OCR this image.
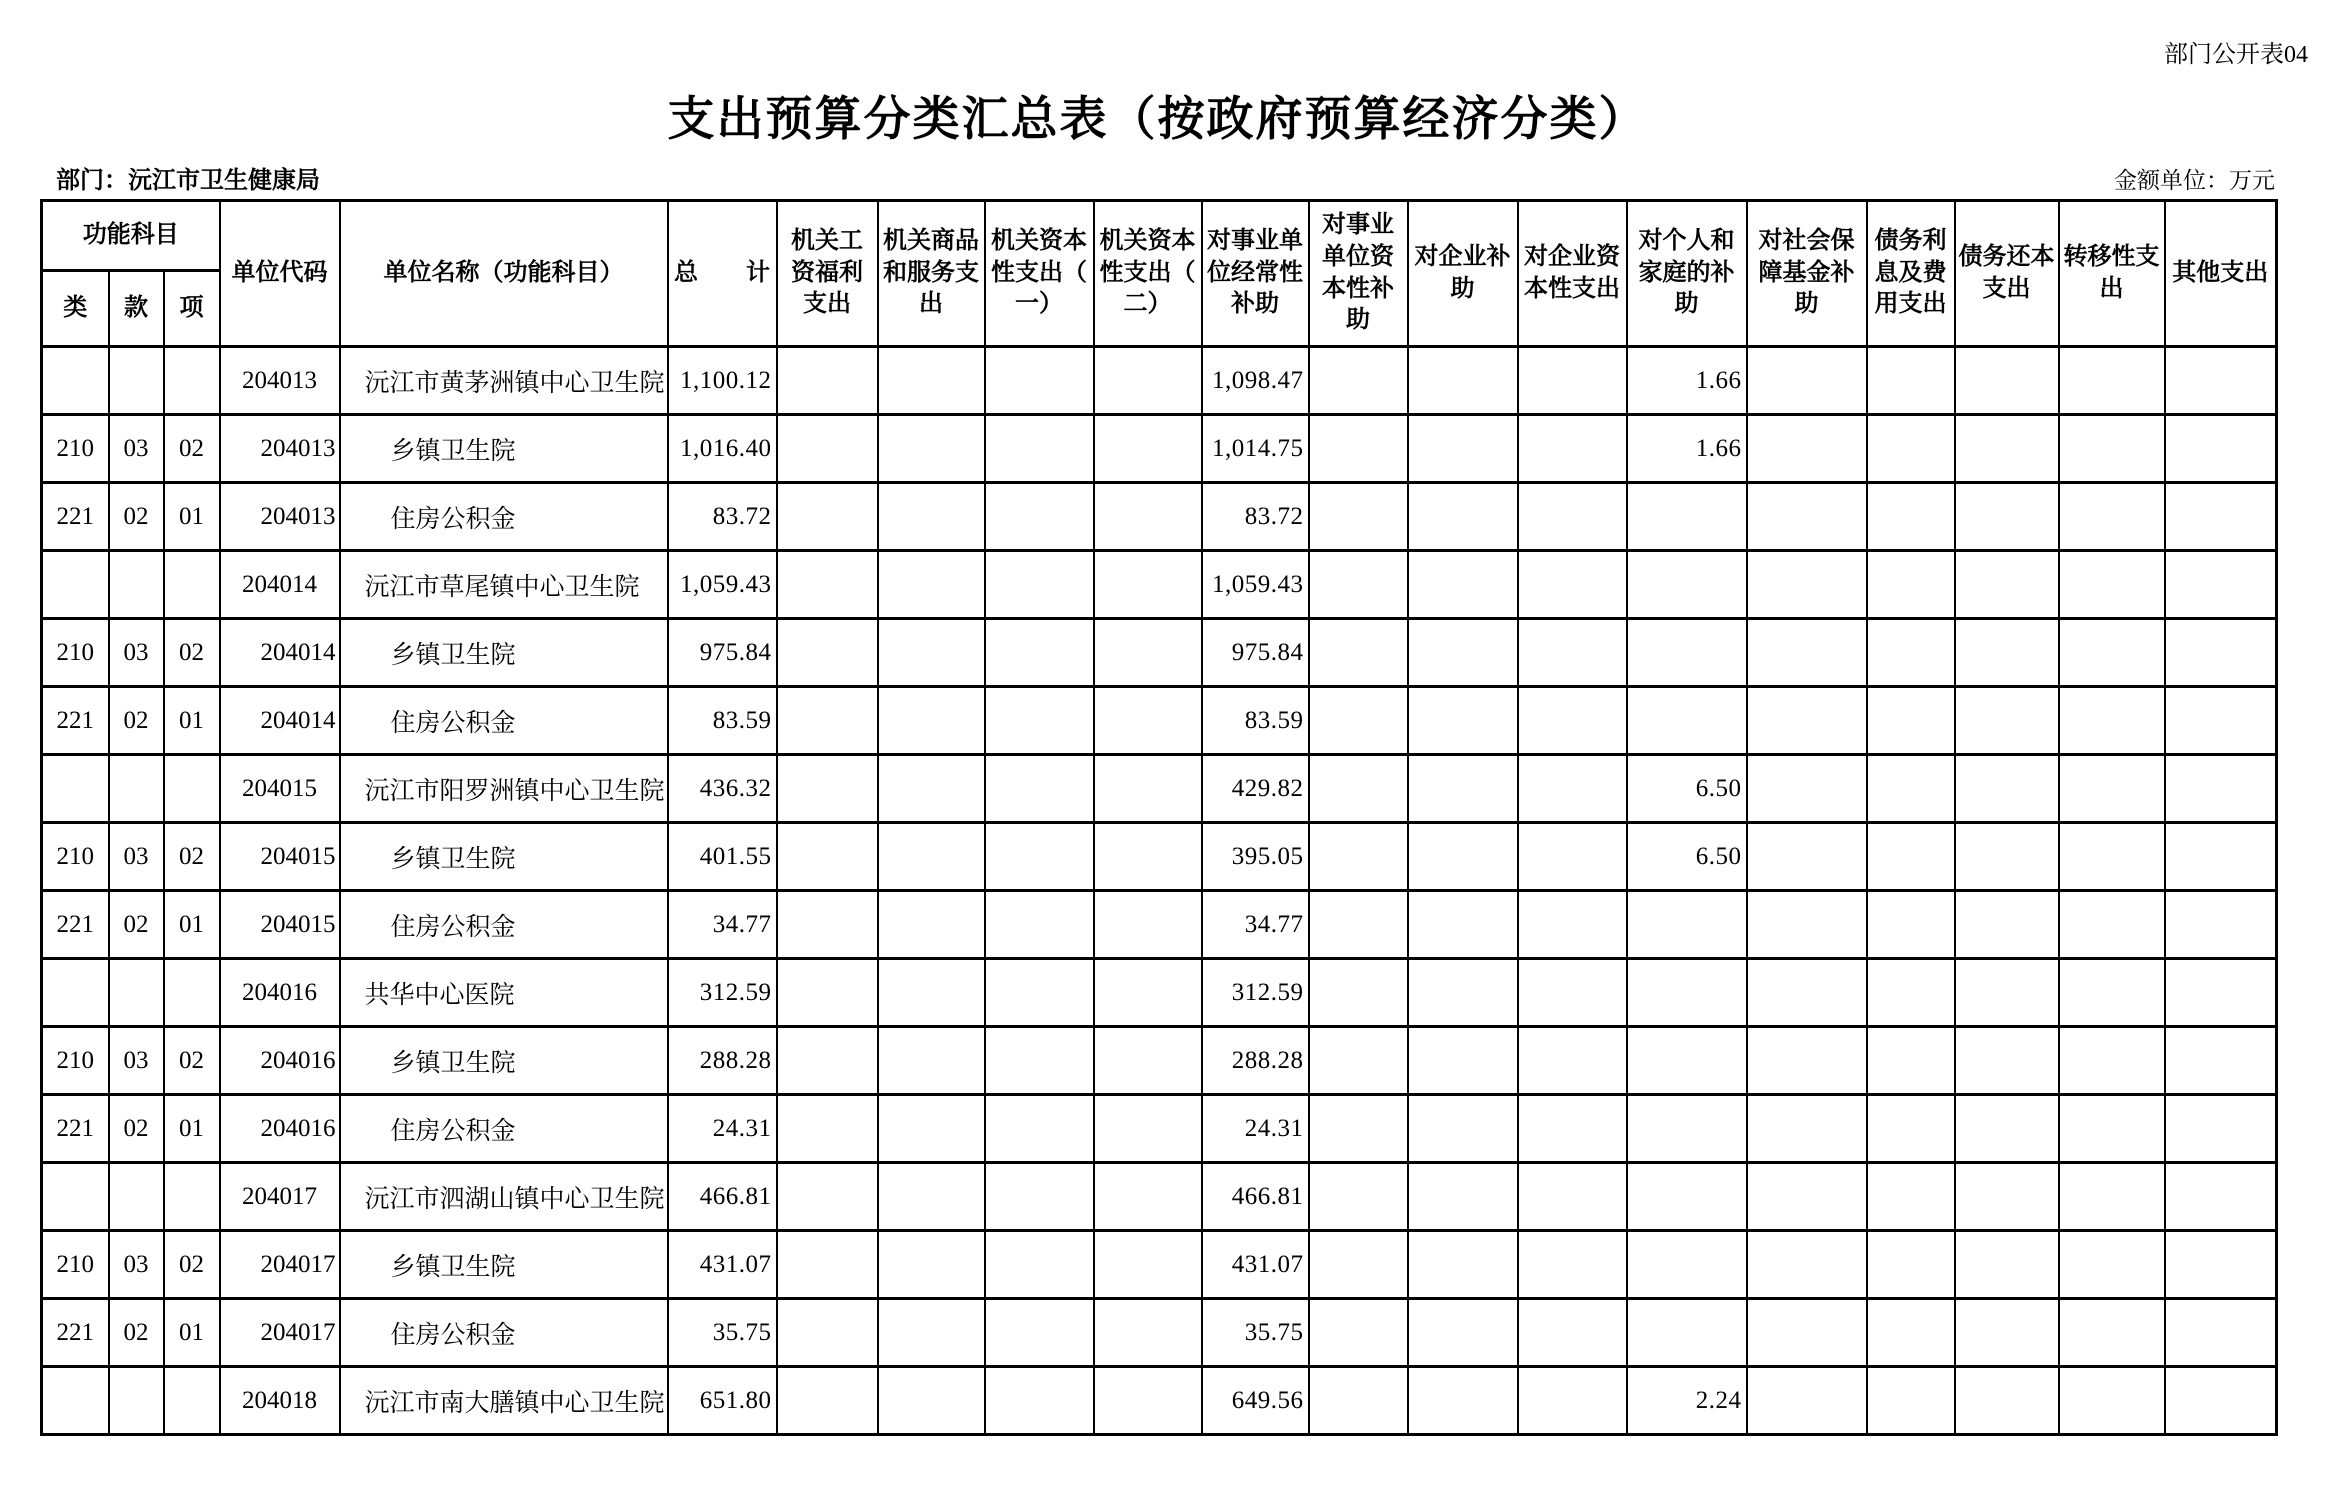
部门公开表04
支出预算分类汇总表（按政府预算经济分类）
部门：沅江市卫生健康局	金额单位：万元
功能科目			单位代码	单位名称（功能科目）	总　　计	机关工资福利支出	机关商品和服务支出	机关资本性支出（一）	机关资本性支出（二）	对事业单位经常性补助	对事业单位资本性补助	对企业补助	对企业资本性支出	对个人和家庭的补助	对社会保障基金补助	债务利息及费用支出	债务还本支出	转移性支出	其他支出
类	款	项																	
			204013	沅江市黄茅洲镇中心卫生院	1,100.12					1,098.47				1.66					
210	03	02	204013	乡镇卫生院	1,016.40					1,014.75				1.66					
221	02	01	204013	住房公积金	83.72					83.72									
			204014	沅江市草尾镇中心卫生院	1,059.43					1,059.43									
210	03	02	204014	乡镇卫生院	975.84					975.84									
221	02	01	204014	住房公积金	83.59					83.59									
			204015	沅江市阳罗洲镇中心卫生院	436.32					429.82				6.50					
210	03	02	204015	乡镇卫生院	401.55					395.05				6.50					
221	02	01	204015	住房公积金	34.77					34.77									
			204016	共华中心医院	312.59					312.59									
210	03	02	204016	乡镇卫生院	288.28					288.28									
221	02	01	204016	住房公积金	24.31					24.31									
			204017	沅江市泗湖山镇中心卫生院	466.81					466.81									
210	03	02	204017	乡镇卫生院	431.07					431.07									
221	02	01	204017	住房公积金	35.75					35.75									
			204018	沅江市南大膳镇中心卫生院	651.80					649.56				2.24					
